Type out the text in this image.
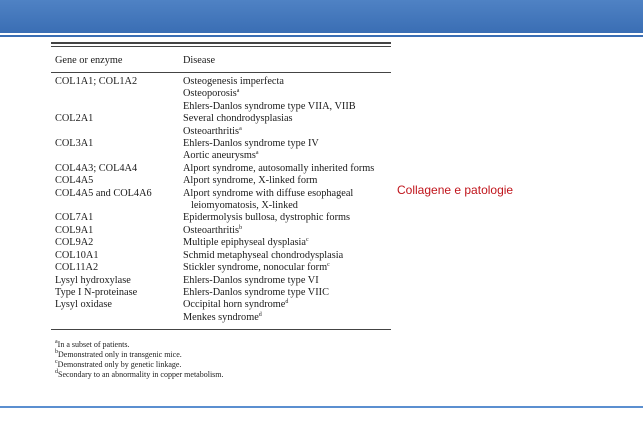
Gene or enzyme	Disease
COL1A1; COL1A2	Osteogenesis imperfecta
Osteoporosis$^a$
Ehlers-Danlos syndrome type VIIA, VIIB
COL2A1	Several chondrodysplasias
Osteoarthritis$^a$
COL3A1	Ehlers-Danlos syndrome type IV
Aortic aneurysms$^a$
COL4A3; COL4A4	Alport syndrome, autosomally inherited forms
COL4A5	Alport syndrome, X-linked form
COL4A5 and COL4A6	Alport syndrome with diffuse esophageal
leiomyomatosis, X-linked
COL7A1	Epidermolysis bullosa, dystrophic forms
COL9A1	Osteoarthritis$^b$
COL9A2	Multiple epiphyseal dysplasia$^c$
COL10A1	Schmid metaphyseal chondrodysplasia
COL11A2	Stickler syndrome, nonocular form$^c$
Lysyl hydroxylase	Ehlers-Danlos syndrome type VI
Type I N-proteinase	Ehlers-Danlos syndrome type VIIC
Lysyl oxidase	Occipital horn syndrome$^d$
Menkes syndrome$^d$
$^a$In a subset of patients.
$^b$Demonstrated only in transgenic mice.
$^c$Demonstrated only by genetic linkage.
$^d$Secondary to an abnormality in copper metabolism.
Collagene e patologie
